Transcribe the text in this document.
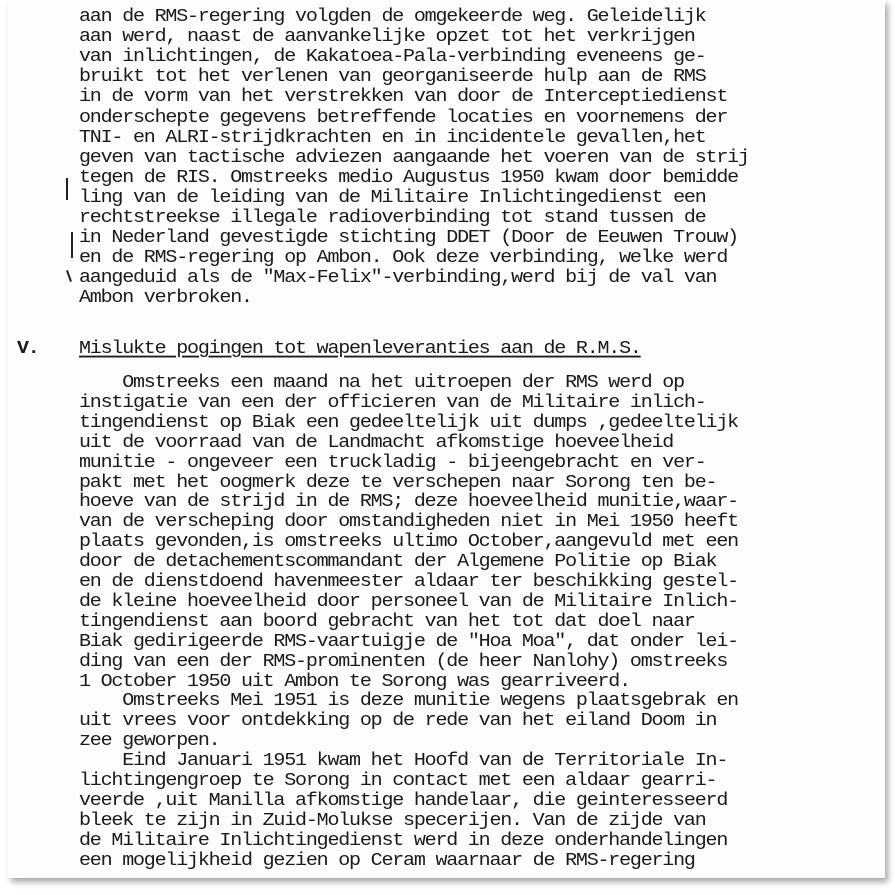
aan de RMS-regering volgden de omgekeerde weg. Geleidelijk
aan werd, naast de aanvankelijke opzet tot het verkrijgen
van inlichtingen, de Kakatoea-Pala-verbinding eveneens ge-
bruikt tot het verlenen van georganiseerde hulp aan de RMS
in de vorm van het verstrekken van door de Interceptiedienst
onderschepte gegevens betreffende locaties en voornemens der
TNI- en ALRI-strijdkrachten en in incidentele gevallen,het
geven van tactische adviezen aangaande het voeren van de strij
tegen de RIS. Omstreeks medio Augustus 1950 kwam door bemidde
ling van de leiding van de Militaire Inlichtingedienst een
rechtstreekse illegale radioverbinding tot stand tussen de
in Nederland gevestigde stichting DDET (Door de Eeuwen Trouw)
en de RMS-regering op Ambon. Ook deze verbinding, welke werd
aangeduid als de "Max-Felix"-verbinding,werd bij de val van
Ambon verbroken.
V. Mislukte pogingen tot wapenleveranties aan de R.M.S.
Omstreeks een maand na het uitroepen der RMS werd op
instigatie van een der officieren van de Militaire inlich-
tingendienst op Biak een gedeeltelijk uit dumps ,gedeeltelijk
uit de voorraad van de Landmacht afkomstige hoeveelheid
munitie - ongeveer een truckladig - bijeengebracht en ver-
pakt met het oogmerk deze te verschepen naar Sorong ten be-
hoeve van de strijd in de RMS; deze hoeveelheid munitie,waar-
van de verscheping door omstandigheden niet in Mei 1950 heeft
plaats gevonden,is omstreeks ultimo October,aangevuld met een
door de detachementscommandant der Algemene Politie op Biak
en de dienstdoend havenmeester aldaar ter beschikking gestel-
de kleine hoeveelheid door personeel van de Militaire Inlich-
tingendienst aan boord gebracht van het tot dat doel naar
Biak gedirigeerde RMS-vaartuigje de "Hoa Moa", dat onder lei-
ding van een der RMS-prominenten (de heer Nanlohy) omstreeks
1 October 1950 uit Ambon te Sorong was gearriveerd.
Omstreeks Mei 1951 is deze munitie wegens plaatsgebrak en
uit vrees voor ontdekking op de rede van het eiland Doom in
zee geworpen.
Eind Januari 1951 kwam het Hoofd van de Territoriale In-
lichtingengroep te Sorong in contact met een aldaar gearri-
veerde ,uit Manilla afkomstige handelaar, die geinteresseerd
bleek te zijn in Zuid-Molukse specerijen. Van de zijde van
de Militaire Inlichtingedienst werd in deze onderhandelingen
een mogelijkheid gezien op Ceram waarnaar de RMS-regering
